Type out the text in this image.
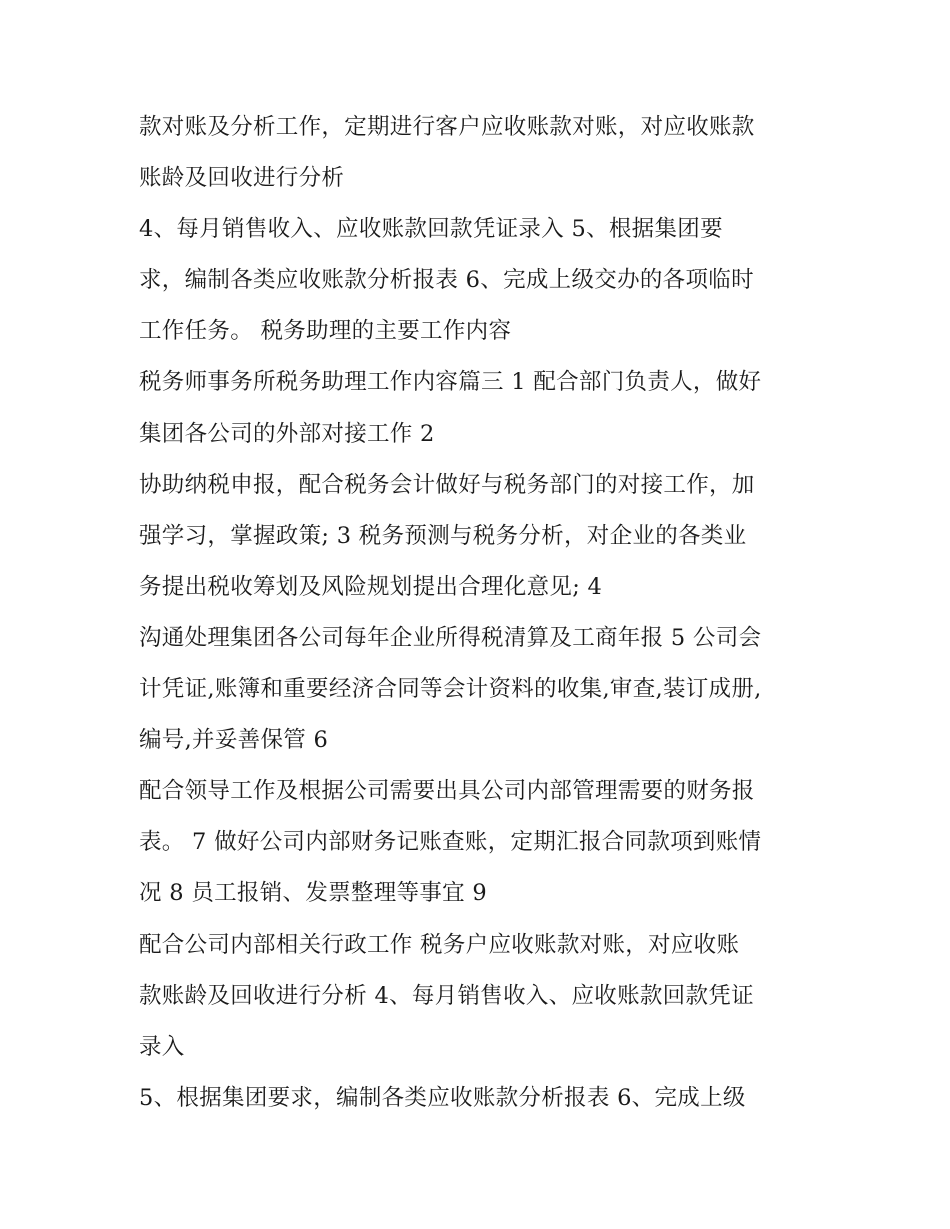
款对账及分析工作，定期进行客户应收账款对账，对应收账款
账龄及回收进行分析
4、每月销售收入、应收账款回款凭证录入 5、根据集团要
求，编制各类应收账款分析报表 6、完成上级交办的各项临时
工作任务。 税务助理的主要工作内容
税务师事务所税务助理工作内容篇三 1 配合部门负责人，做好
集团各公司的外部对接工作 2
协助纳税申报，配合税务会计做好与税务部门的对接工作，加
强学习，掌握政策; 3 税务预测与税务分析，对企业的各类业
务提出税收筹划及风险规划提出合理化意见; 4
沟通处理集团各公司每年企业所得税清算及工商年报 5 公司会
计凭证,账簿和重要经济合同等会计资料的收集,审查,装订成册,
编号,并妥善保管 6
配合领导工作及根据公司需要出具公司内部管理需要的财务报
表。 7 做好公司内部财务记账查账，定期汇报合同款项到账情
况 8 员工报销、发票整理等事宜 9
配合公司内部相关行政工作 税务户应收账款对账，对应收账
款账龄及回收进行分析 4、每月销售收入、应收账款回款凭证
录入
5、根据集团要求，编制各类应收账款分析报表 6、完成上级
